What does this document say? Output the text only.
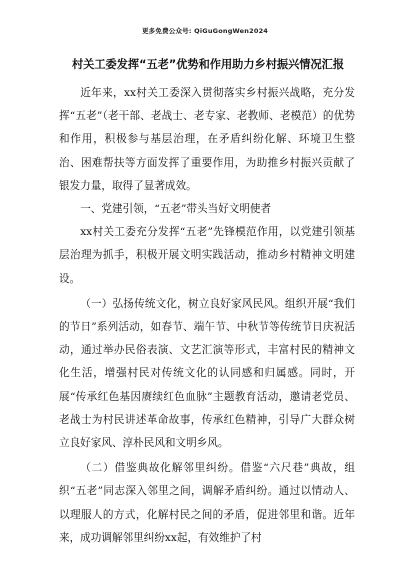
更多免费公众号: QiGuGongWen2024
村关工委发挥“五老”优势和作用助力乡村振兴情况汇报

近年来，xx村关工委深入贯彻落实乡村振兴战略，充分发挥“五老”（老干部、老战士、老专家、老教师、老模范）的优势和作用，积极参与基层治理，在矛盾纠纷化解、环境卫生整治、困难帮扶等方面发挥了重要作用，为助推乡村振兴贡献了银发力量，取得了显著成效。

一、党建引领，“五老”带头当好文明使者

xx村关工委充分发挥“五老”先锋模范作用，以党建引领基层治理为抓手，积极开展文明实践活动，推动乡村精神文明建设。

（一）弘扬传统文化，树立良好家风民风。组织开展“我们的节日”系列活动，如春节、端午节、中秋节等传统节日庆祝活动，通过举办民俗表演、文艺汇演等形式，丰富村民的精神文化生活，增强村民对传统文化的认同感和归属感。同时，开展“传承红色基因赓续红色血脉”主题教育活动，邀请老党员、老战士为村民讲述革命故事，传承红色精神，引导广大群众树立良好家风、淳朴民风和文明乡风。

（二）借鉴典故化解邻里纠纷。借鉴“六尺巷”典故，组织“五老”同志深入邻里之间，调解矛盾纠纷。通过以情动人、以理服人的方式，化解村民之间的矛盾，促进邻里和谐。近年来，成功调解邻里纠纷xx起，有效维护了村
